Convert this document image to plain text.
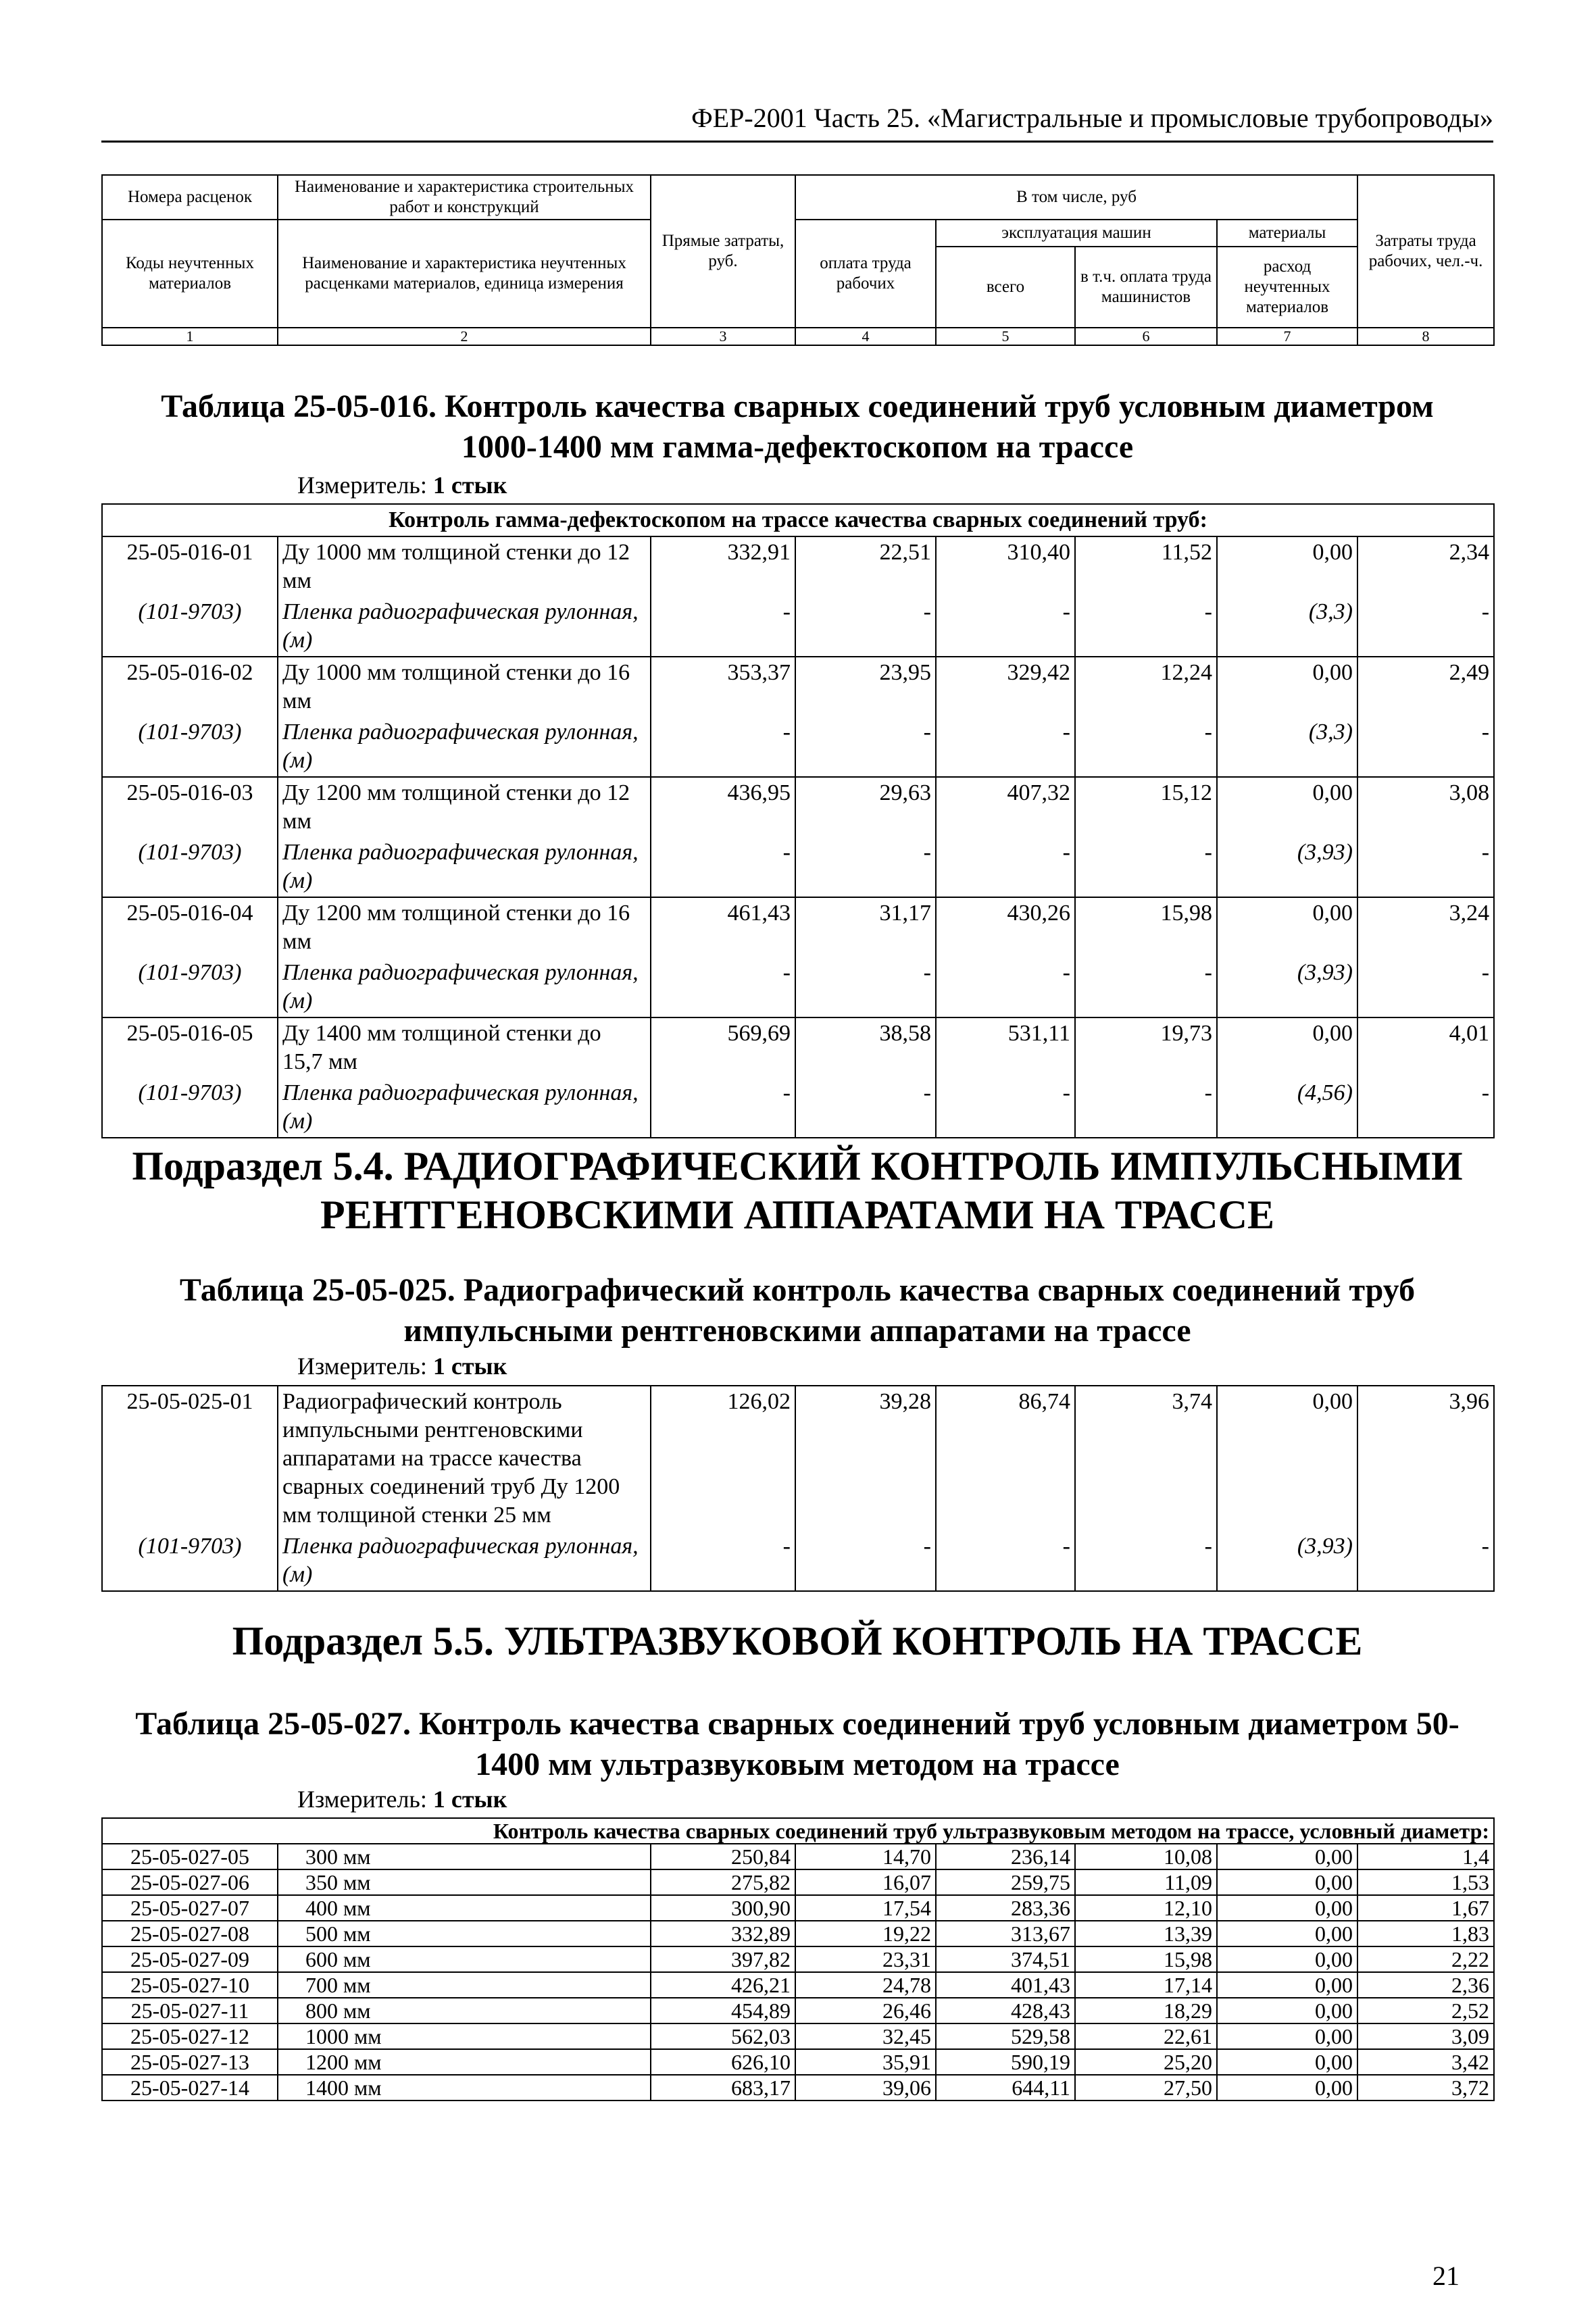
ФЕР-2001 Часть 25. «Магистральные и промысловые трубопроводы»
Номера расценок	Наименование и характеристика строительных работ и конструкций	Прямые затраты, руб.	В том числе, руб				Затраты труда рабочих, чел.-ч.
Коды неучтенных материалов	Наименование и характеристика неучтенных расценками материалов, единица измерения		оплата труда рабочих	эксплуатация машин		материалы	
				всего	в т.ч. оплата труда машинистов	расход неучтенных материалов	
1	2	3	4	5	6	7	8
Таблица 25-05-016. Контроль качества сварных соединений труб условным диаметром
1000-1400 мм гамма-дефектоскопом на трассе
Измеритель: 1 стык
Контроль гамма-дефектоскопом на трассе качества сварных соединений труб:							
25-05-016-01	Ду 1000 мм толщиной стенки до 12 мм	332,91	22,51	310,40	11,52	0,00	2,34
(101-9703)	Пленка радиографическая рулонная, (м)	-	-	-	-	(3,3)	-
25-05-016-02	Ду 1000 мм толщиной стенки до 16 мм	353,37	23,95	329,42	12,24	0,00	2,49
(101-9703)	Пленка радиографическая рулонная, (м)	-	-	-	-	(3,3)	-
25-05-016-03	Ду 1200 мм толщиной стенки до 12 мм	436,95	29,63	407,32	15,12	0,00	3,08
(101-9703)	Пленка радиографическая рулонная, (м)	-	-	-	-	(3,93)	-
25-05-016-04	Ду 1200 мм толщиной стенки до 16 мм	461,43	31,17	430,26	15,98	0,00	3,24
(101-9703)	Пленка радиографическая рулонная, (м)	-	-	-	-	(3,93)	-
25-05-016-05	Ду 1400 мм толщиной стенки до 15,7 мм	569,69	38,58	531,11	19,73	0,00	4,01
(101-9703)	Пленка радиографическая рулонная, (м)	-	-	-	-	(4,56)	-
Подраздел 5.4. РАДИОГРАФИЧЕСКИЙ КОНТРОЛЬ ИМПУЛЬСНЫМИ
РЕНТГЕНОВСКИМИ АППАРАТАМИ НА ТРАССЕ
Таблица 25-05-025. Радиографический контроль качества сварных соединений труб
импульсными рентгеновскими аппаратами на трассе
Измеритель: 1 стык
25-05-025-01	Радиографический контроль импульсными рентгеновскими аппаратами на трассе качества сварных соединений труб Ду 1200 мм толщиной стенки 25 мм	126,02	39,28	86,74	3,74	0,00	3,96
(101-9703)	Пленка радиографическая рулонная, (м)	-	-	-	-	(3,93)	-
Подраздел 5.5. УЛЬТРАЗВУКОВОЙ КОНТРОЛЬ НА ТРАССЕ
Таблица 25-05-027. Контроль качества сварных соединений труб условным диаметром 50-
1400 мм ультразвуковым методом на трассе
Измеритель: 1 стык
Контроль качества сварных соединений труб ультразвуковым методом на трассе, условный диаметр:							
25-05-027-05	300 мм	250,84	14,70	236,14	10,08	0,00	1,4
25-05-027-06	350 мм	275,82	16,07	259,75	11,09	0,00	1,53
25-05-027-07	400 мм	300,90	17,54	283,36	12,10	0,00	1,67
25-05-027-08	500 мм	332,89	19,22	313,67	13,39	0,00	1,83
25-05-027-09	600 мм	397,82	23,31	374,51	15,98	0,00	2,22
25-05-027-10	700 мм	426,21	24,78	401,43	17,14	0,00	2,36
25-05-027-11	800 мм	454,89	26,46	428,43	18,29	0,00	2,52
25-05-027-12	1000 мм	562,03	32,45	529,58	22,61	0,00	3,09
25-05-027-13	1200 мм	626,10	35,91	590,19	25,20	0,00	3,42
25-05-027-14	1400 мм	683,17	39,06	644,11	27,50	0,00	3,72
21
